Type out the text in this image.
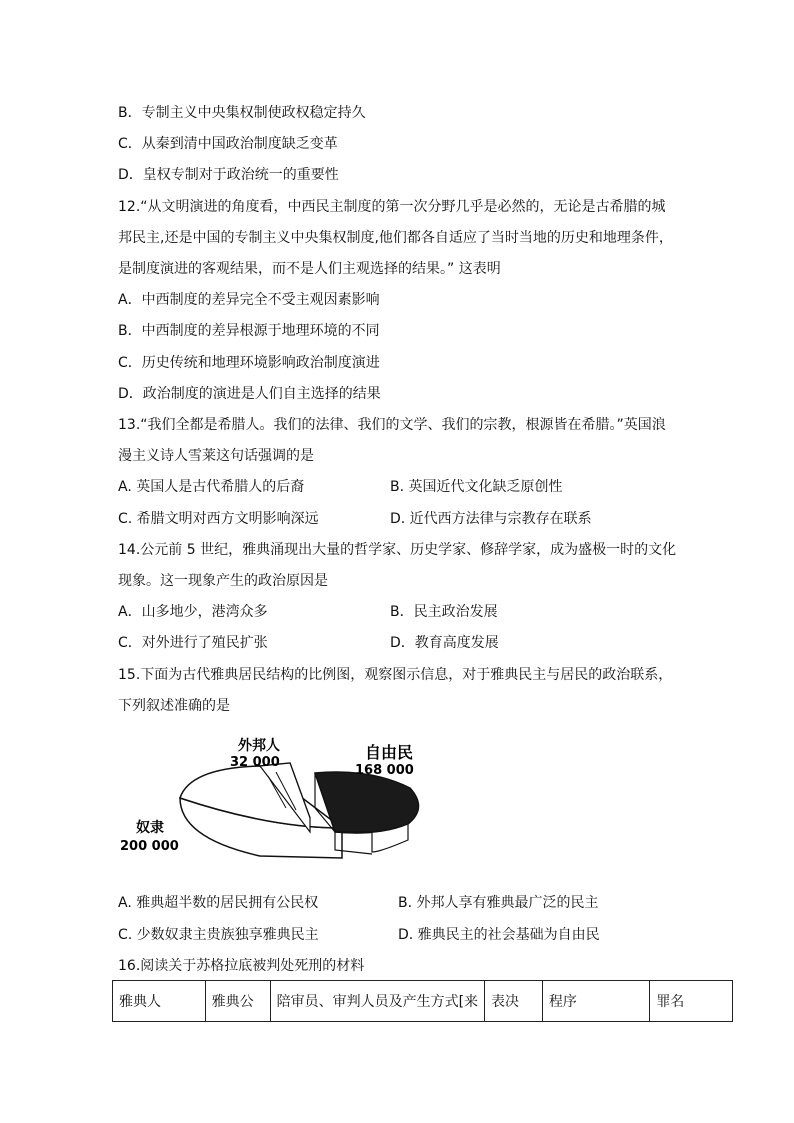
B．专制主义中央集权制使政权稳定持久
C．从秦到清中国政治制度缺乏变革
D．皇权专制对于政治统一的重要性
12.“从文明演进的角度看，中西民主制度的第一次分野几乎是必然的，无论是古希腊的城
邦民主,还是中国的专制主义中央集权制度,他们都各自适应了当时当地的历史和地理条件，
是制度演进的客观结果，而不是人们主观选择的结果。” 这表明
A．中西制度的差异完全不受主观因素影响
B．中西制度的差异根源于地理环境的不同
C．历史传统和地理环境影响政治制度演进
D．政治制度的演进是人们自主选择的结果
13.“我们全都是希腊人。我们的法律、我们的文学、我们的宗教，根源皆在希腊。”英国浪
漫主义诗人雪莱这句话强调的是
A. 英国人是古代希腊人的后裔	B. 英国近代文化缺乏原创性
C. 希腊文明对西方文明影响深远	D. 近代西方法律与宗教存在联系
14.公元前 5 世纪，雅典涌现出大量的哲学家、历史学家、修辞学家，成为盛极一时的文化
现象。这一现象产生的政治原因是
A．山多地少，港湾众多	B．民主政治发展
C．对外进行了殖民扩张	D．教育高度发展
15.下面为古代雅典居民结构的比例图，观察图示信息，对于雅典民主与居民的政治联系，
下列叙述准确的是
外邦人
32 000
自由民
168 000
奴隶
200 000
A. 雅典超半数的居民拥有公民权	B. 外邦人享有雅典最广泛的民主
C. 少数奴隶主贵族独享雅典民主	D. 雅典民主的社会基础为自由民
16.阅读关于苏格拉底被判处死刑的材料
雅典人	雅典公	陪审员、审判人员及产生方式[来	表决	程序	罪名
